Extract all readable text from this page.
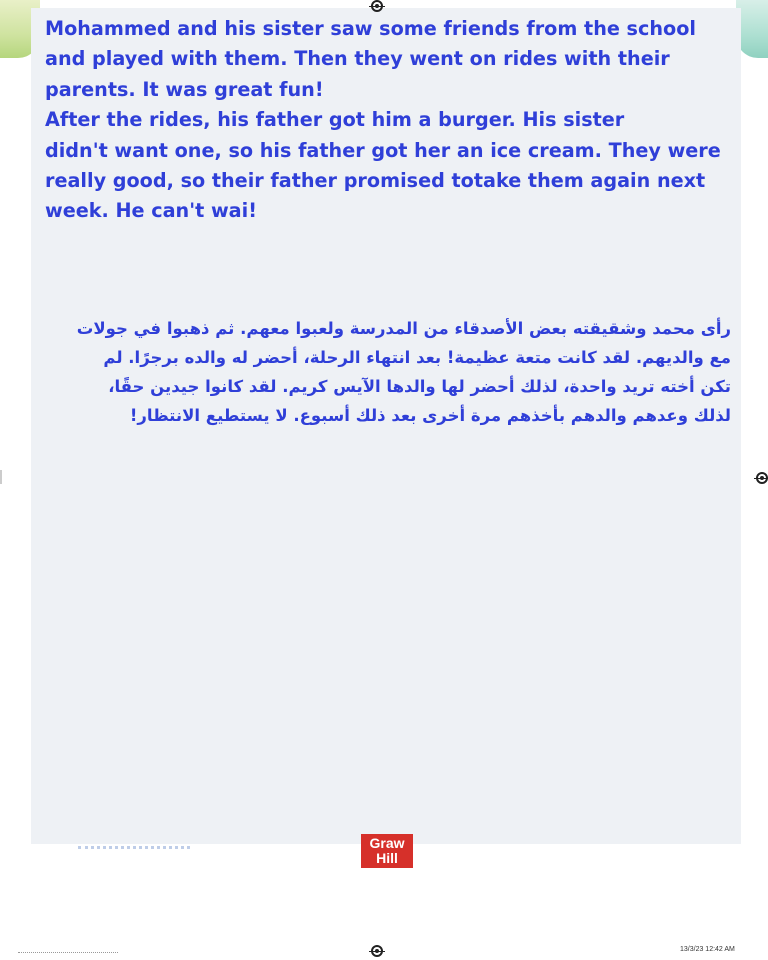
Mohammed and his sister saw some friends from the school
and played with them. Then they went on rides with their
parents. It was great fun!
After the rides, his father got him a burger. His sister
didn't want one, so his father got her an ice cream. They were
really good, so their father promised totake them again next
week. He can't wai!
رأى محمد وشقيقته بعض الأصدقاء من المدرسة ولعبوا معهم. ثم ذهبوا في جولات
مع والديهم. لقد كانت متعة عظيمة! بعد انتهاء الرحلة، أحضر له والده برجرًا. لم
تكن أخته تريد واحدة، لذلك أحضر لها والدها الآيس كريم. لقد كانوا جيدين حقًا،
لذلك وعدهم والدهم بأخذهم مرة أخرى بعد ذلك أسبوع. لا يستطيع الانتظار!
Graw
Hill
13/3/23 12:42 AM
